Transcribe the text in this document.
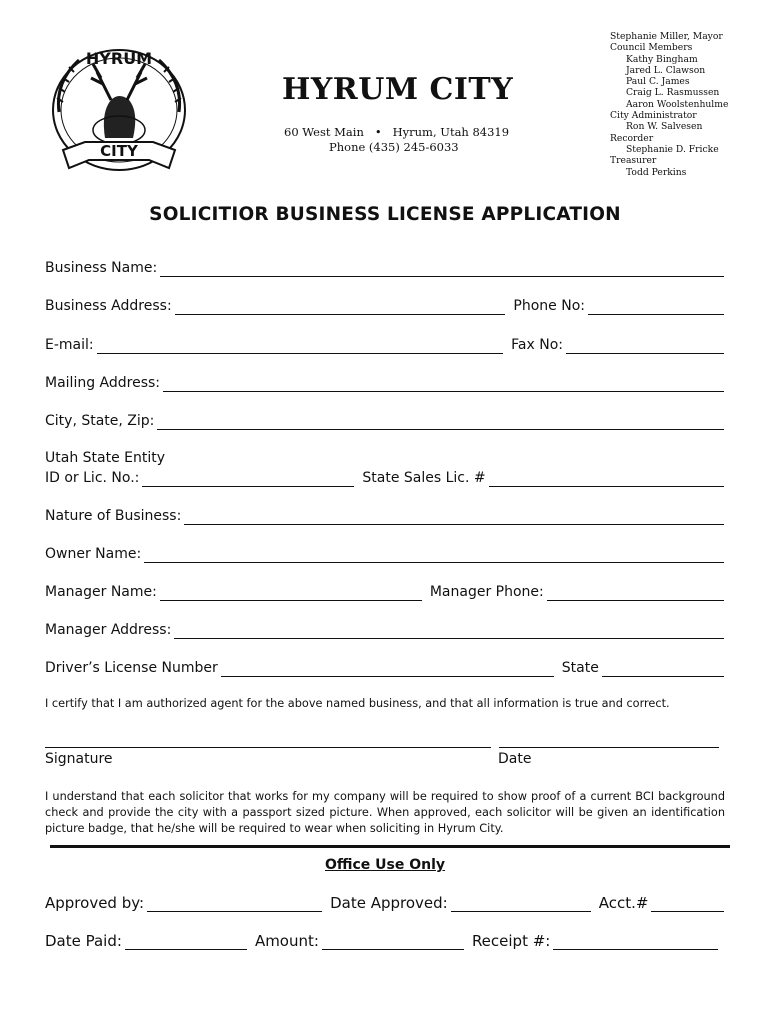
CITY
HYRUM
HYRUM CITY
60 West Main • Hyrum, Utah 84319
Phone (435) 245-6033
Stephanie Miller, Mayor
Council Members
Kathy Bingham
Jared L. Clawson
Paul C. James
Craig L. Rasmussen
Aaron Woolstenhulme
City Administrator
Ron W. Salvesen
Recorder
Stephanie D. Fricke
Treasurer
Todd Perkins
SOLICITIOR BUSINESS LICENSE APPLICATION
Business Name:
Business Address:	Phone No:
E-mail:	Fax No:
Mailing Address:
City, State, Zip:
Utah State Entity
ID or Lic. No.:	State Sales Lic. #
Nature of Business:
Owner Name:
Manager Name:	Manager Phone:
Manager Address:
Driver’s License Number	State
I certify that I am authorized agent for the above named business, and that all information is true and correct.
Signature	Date
I understand that each solicitor that works for my company will be required to show proof of a current BCI background check and provide the city with a passport sized picture. When approved, each solicitor will be given an identification picture badge, that he/she will be required to wear when soliciting in Hyrum City.
Office Use Only
Approved by:	Date Approved:	Acct.#
Date Paid:	Amount:	Receipt #:
